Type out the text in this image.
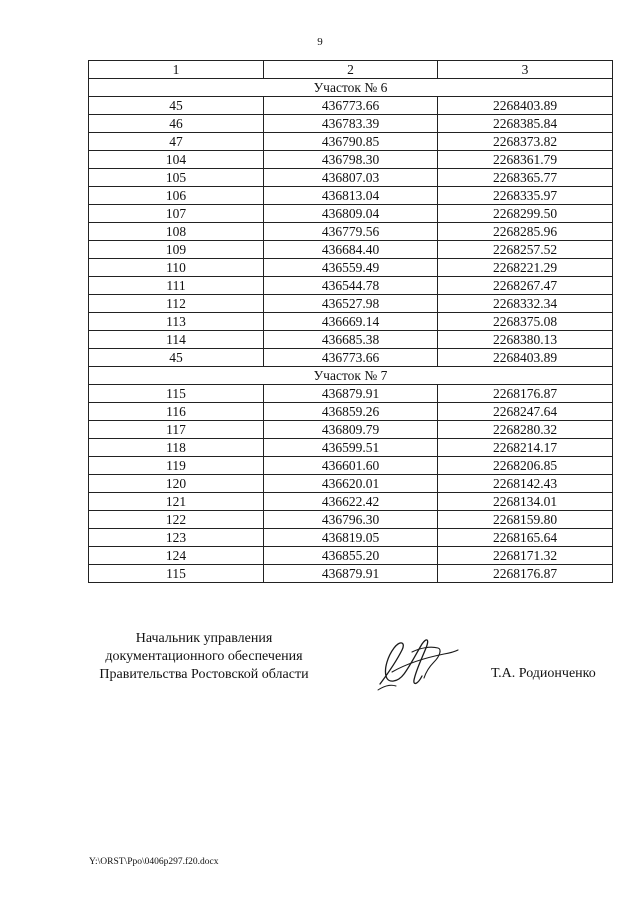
9
1	2	3
Участок № 6		
45	436773.66	2268403.89
46	436783.39	2268385.84
47	436790.85	2268373.82
104	436798.30	2268361.79
105	436807.03	2268365.77
106	436813.04	2268335.97
107	436809.04	2268299.50
108	436779.56	2268285.96
109	436684.40	2268257.52
110	436559.49	2268221.29
111	436544.78	2268267.47
112	436527.98	2268332.34
113	436669.14	2268375.08
114	436685.38	2268380.13
45	436773.66	2268403.89
Участок № 7		
115	436879.91	2268176.87
116	436859.26	2268247.64
117	436809.79	2268280.32
118	436599.51	2268214.17
119	436601.60	2268206.85
120	436620.01	2268142.43
121	436622.42	2268134.01
122	436796.30	2268159.80
123	436819.05	2268165.64
124	436855.20	2268171.32
115	436879.91	2268176.87
Начальник управления
документационного обеспечения
Правительства Ростовской области	Т.А. Родионченко
Y:\ORST\Ppo\0406p297.f20.docx
